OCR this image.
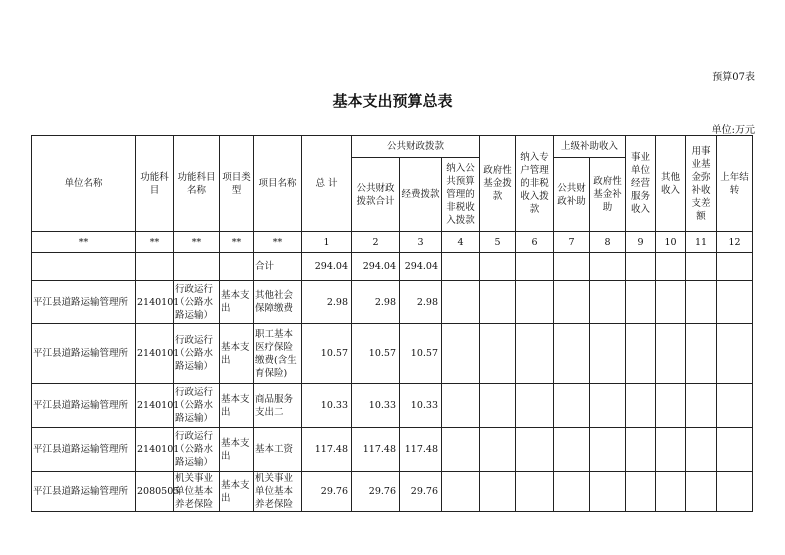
预算07表
基本支出预算总表
单位:万元
单位名称	功能科目	功能科目名称	项目类型	项目名称	总 计	公共财政拨款			政府性基金拨款	纳入专户管理的非税收入拨款	上级补助收入		事业单位经营服务收入	其他收入	用事业基金弥补收支差额	上年结转
						公共财政拨款合计	经费拨款	纳入公共预算管理的非税收入拨款			公共财政补助	政府性基金补助				
**	**	**	**	**	1	2	3	4	5	6	7	8	9	10	11	12
				合计	294.04	294.04	294.04									
平江县道路运输管理所	2140101	行政运行（公路水路运输）	基本支出	其他社会保障缴费	2.98	2.98	2.98									
平江县道路运输管理所	2140101	行政运行（公路水路运输）	基本支出	职工基本医疗保险缴费(含生育保险)	10.57	10.57	10.57									
平江县道路运输管理所	2140101	行政运行（公路水路运输）	基本支出	商品服务支出二	10.33	10.33	10.33									
平江县道路运输管理所	2140101	行政运行（公路水路运输）	基本支出	基本工资	117.48	117.48	117.48									
平江县道路运输管理所	2080505	机关事业单位基本养老保险	基本支出	机关事业单位基本养老保险	29.76	29.76	29.76									
